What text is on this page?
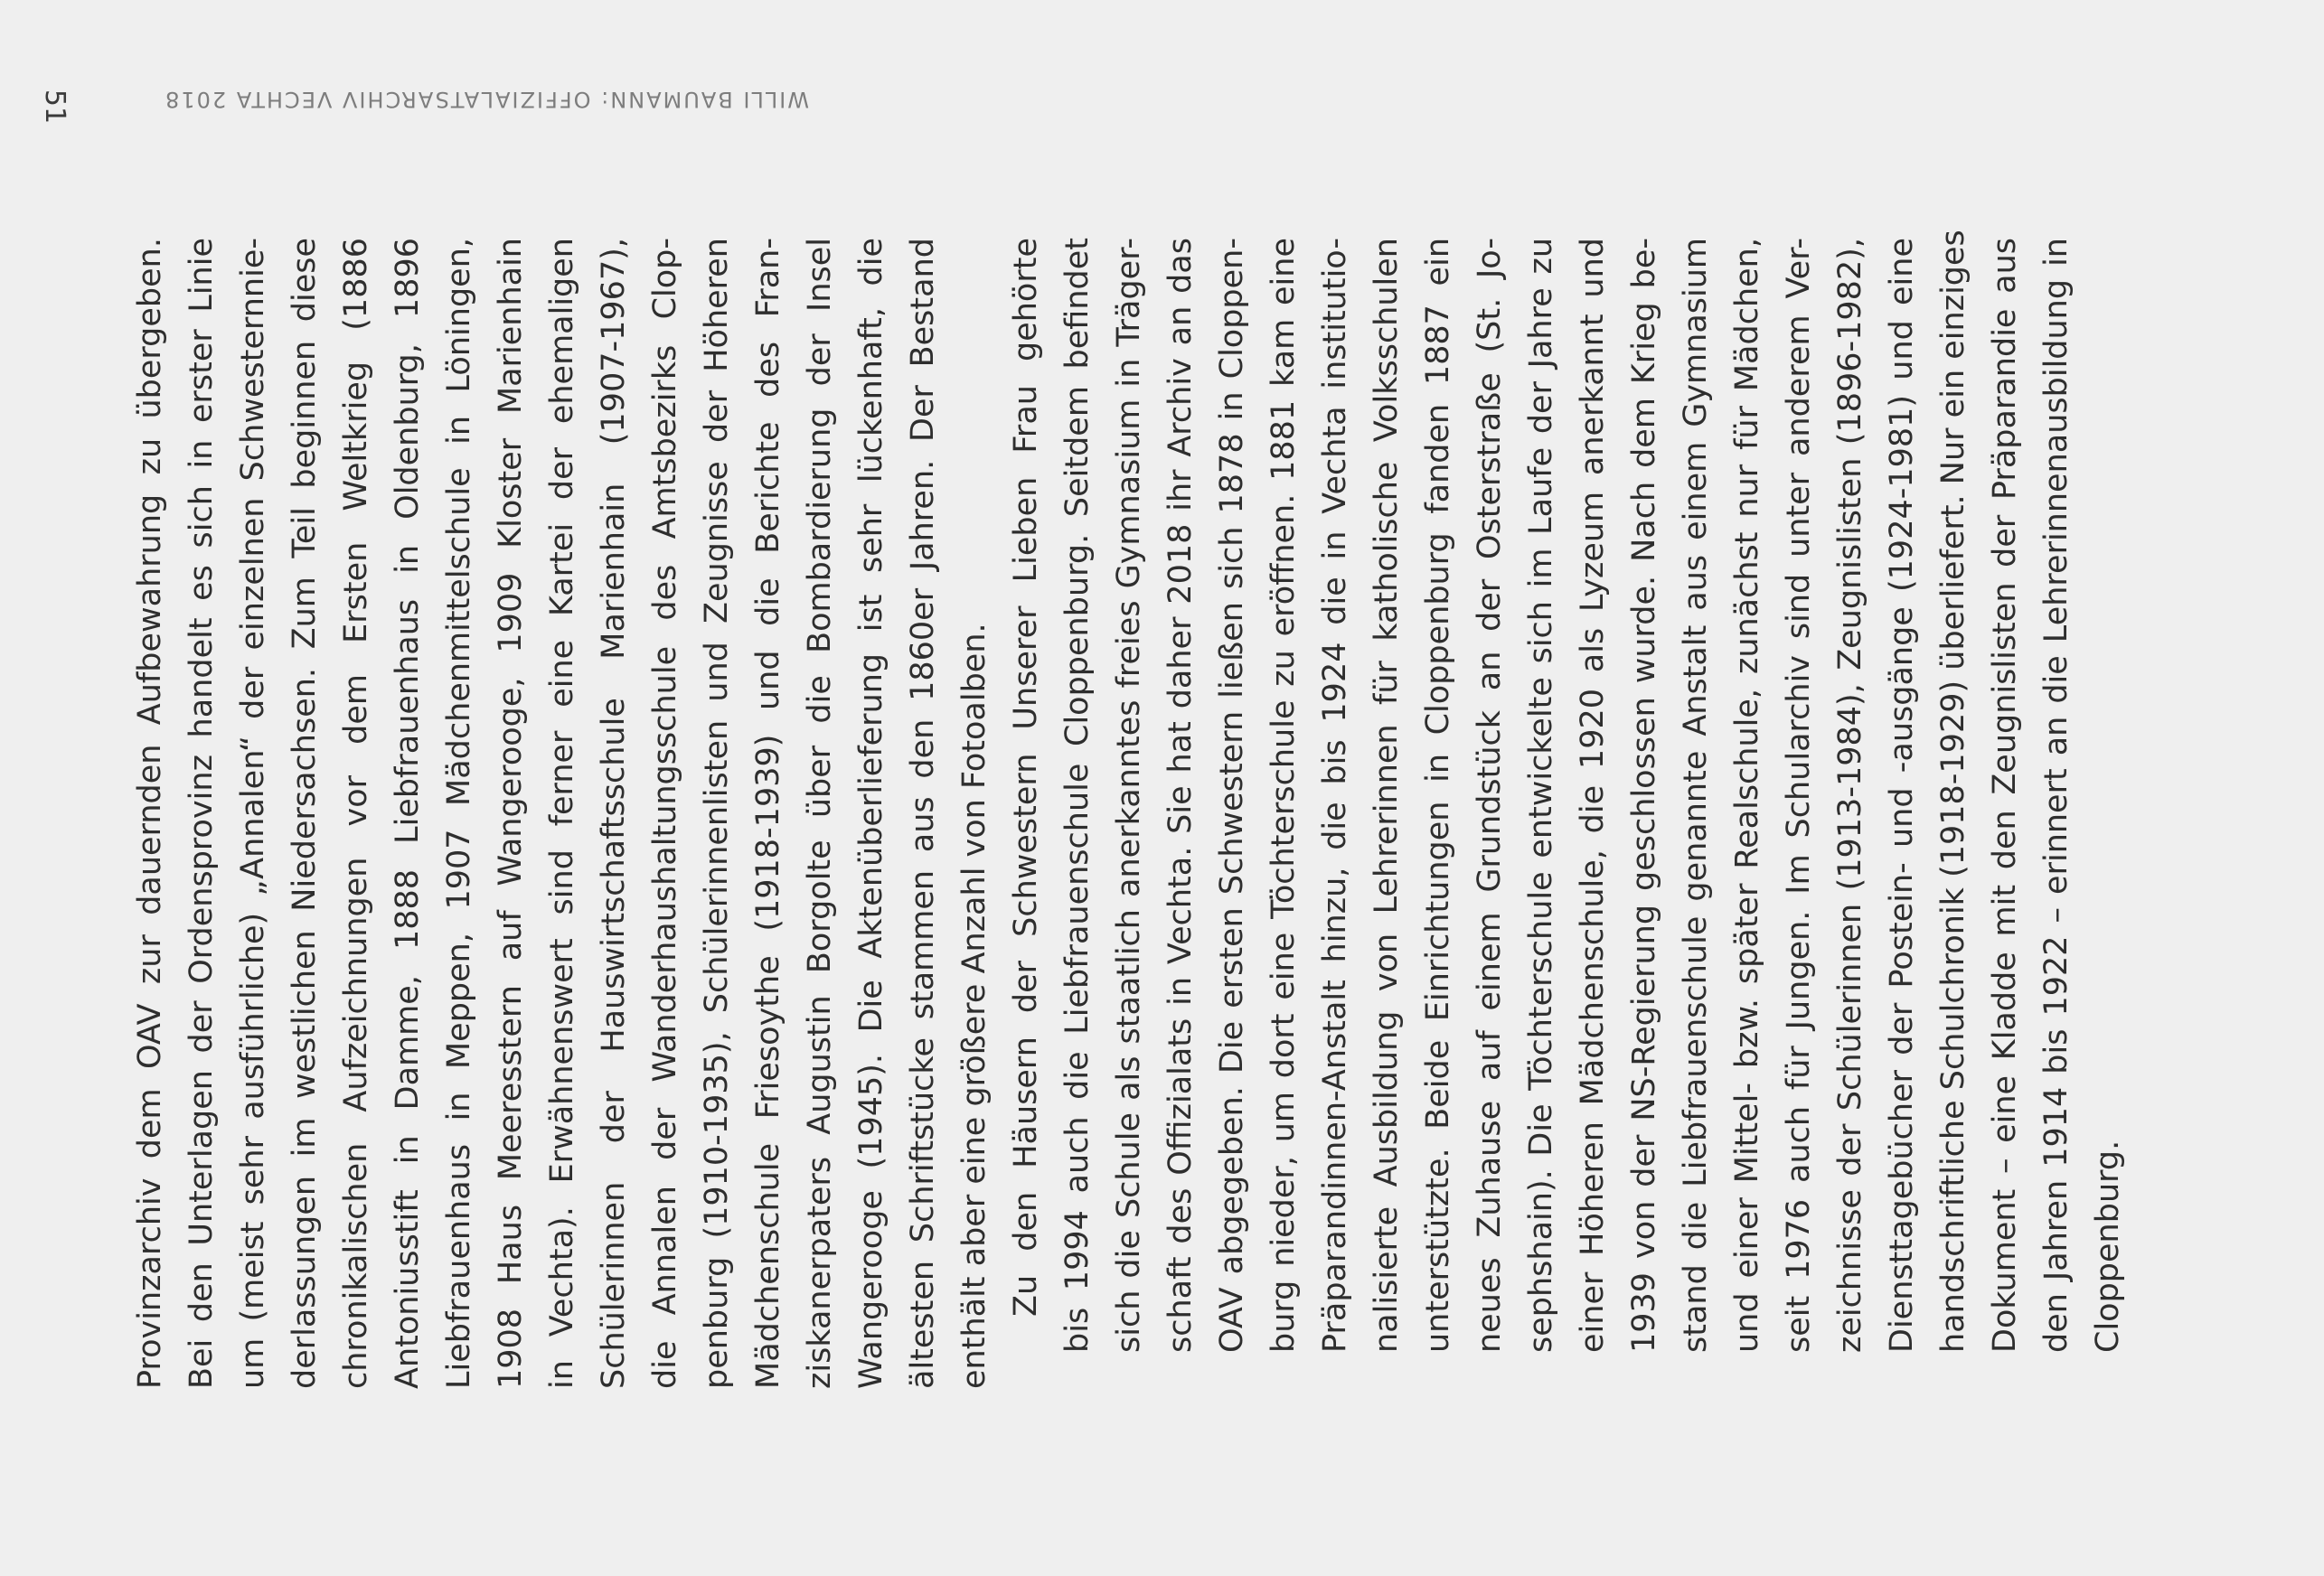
51	WILLI BAUMANN: OFFIZIALATSARCHIV VECHTA 2018

Provinzarchiv dem OAV zur dauernden Aufbewahrung zu übergeben. Bei den Unterlagen der Ordensprovinz handelt es sich in erster Linie um (meist sehr ausführliche) „Annalen“ der einzelnen Schwesternnie- derlassungen im westlichen Niedersachsen. Zum Teil beginnen diese chronikalischen Aufzeichnungen vor dem Ersten Weltkrieg (1886 Antoniusstift in Damme, 1888 Liebfrauenhaus in Oldenburg, 1896 Liebfrauenhaus in Meppen, 1907 Mädchenmittelschule in Löningen, 1908 Haus Meeresstern auf Wangerooge, 1909 Kloster Marienhain in Vechta). Erwähnenswert sind ferner eine Kartei der ehemaligen Schülerinnen der Hauswirtschaftsschule Marienhain (1907-1967), die Annalen der Wanderhaushaltungsschule des Amtsbezirks Clop- penburg (1910-1935), Schülerinnenlisten und Zeugnisse der Höheren Mädchenschule Friesoythe (1918-1939) und die Berichte des Fran- ziskanerpaters Augustin Borgolte über die Bombardierung der Insel Wangerooge (1945). Die Aktenüberlieferung ist sehr lückenhaft, die ältesten Schriftstücke stammen aus den 1860er Jahren. Der Bestand enthält aber eine größere Anzahl von Fotoalben. Zu den Häusern der Schwestern Unserer Lieben Frau gehörte bis 1994 auch die Liebfrauenschule Cloppenburg. Seitdem befindet sich die Schule als staatlich anerkanntes freies Gymnasium in Träger- schaft des Offizialats in Vechta. Sie hat daher 2018 ihr Archiv an das OAV abgegeben. Die ersten Schwestern ließen sich 1878 in Cloppen- burg nieder, um dort eine Töchterschule zu eröffnen. 1881 kam eine Präparandinnen-Anstalt hinzu, die bis 1924 die in Vechta institutio- nalisierte Ausbildung von Lehrerinnen für katholische Volksschulen unterstützte. Beide Einrichtungen in Cloppenburg fanden 1887 ein neues Zuhause auf einem Grundstück an der Osterstraße (St. Jo- sephshain). Die Töchterschule entwickelte sich im Laufe der Jahre zu einer Höheren Mädchenschule, die 1920 als Lyzeum anerkannt und 1939 von der NS-Regierung geschlossen wurde. Nach dem Krieg be- stand die Liebfrauenschule genannte Anstalt aus einem Gymnasium und einer Mittel- bzw. später Realschule, zunächst nur für Mädchen, seit 1976 auch für Jungen. Im Schularchiv sind unter anderem Ver- zeichnisse der Schülerinnen (1913-1984), Zeugnislisten (1896-1982), Diensttagebücher der Postein- und -ausgänge (1924-1981) und eine handschriftliche Schulchronik (1918-1929) überliefert. Nur ein einziges Dokument – eine Kladde mit den Zeugnislisten der Präparandie aus den Jahren 1914 bis 1922 – erinnert an die Lehrerinnenausbildung in Cloppenburg.
